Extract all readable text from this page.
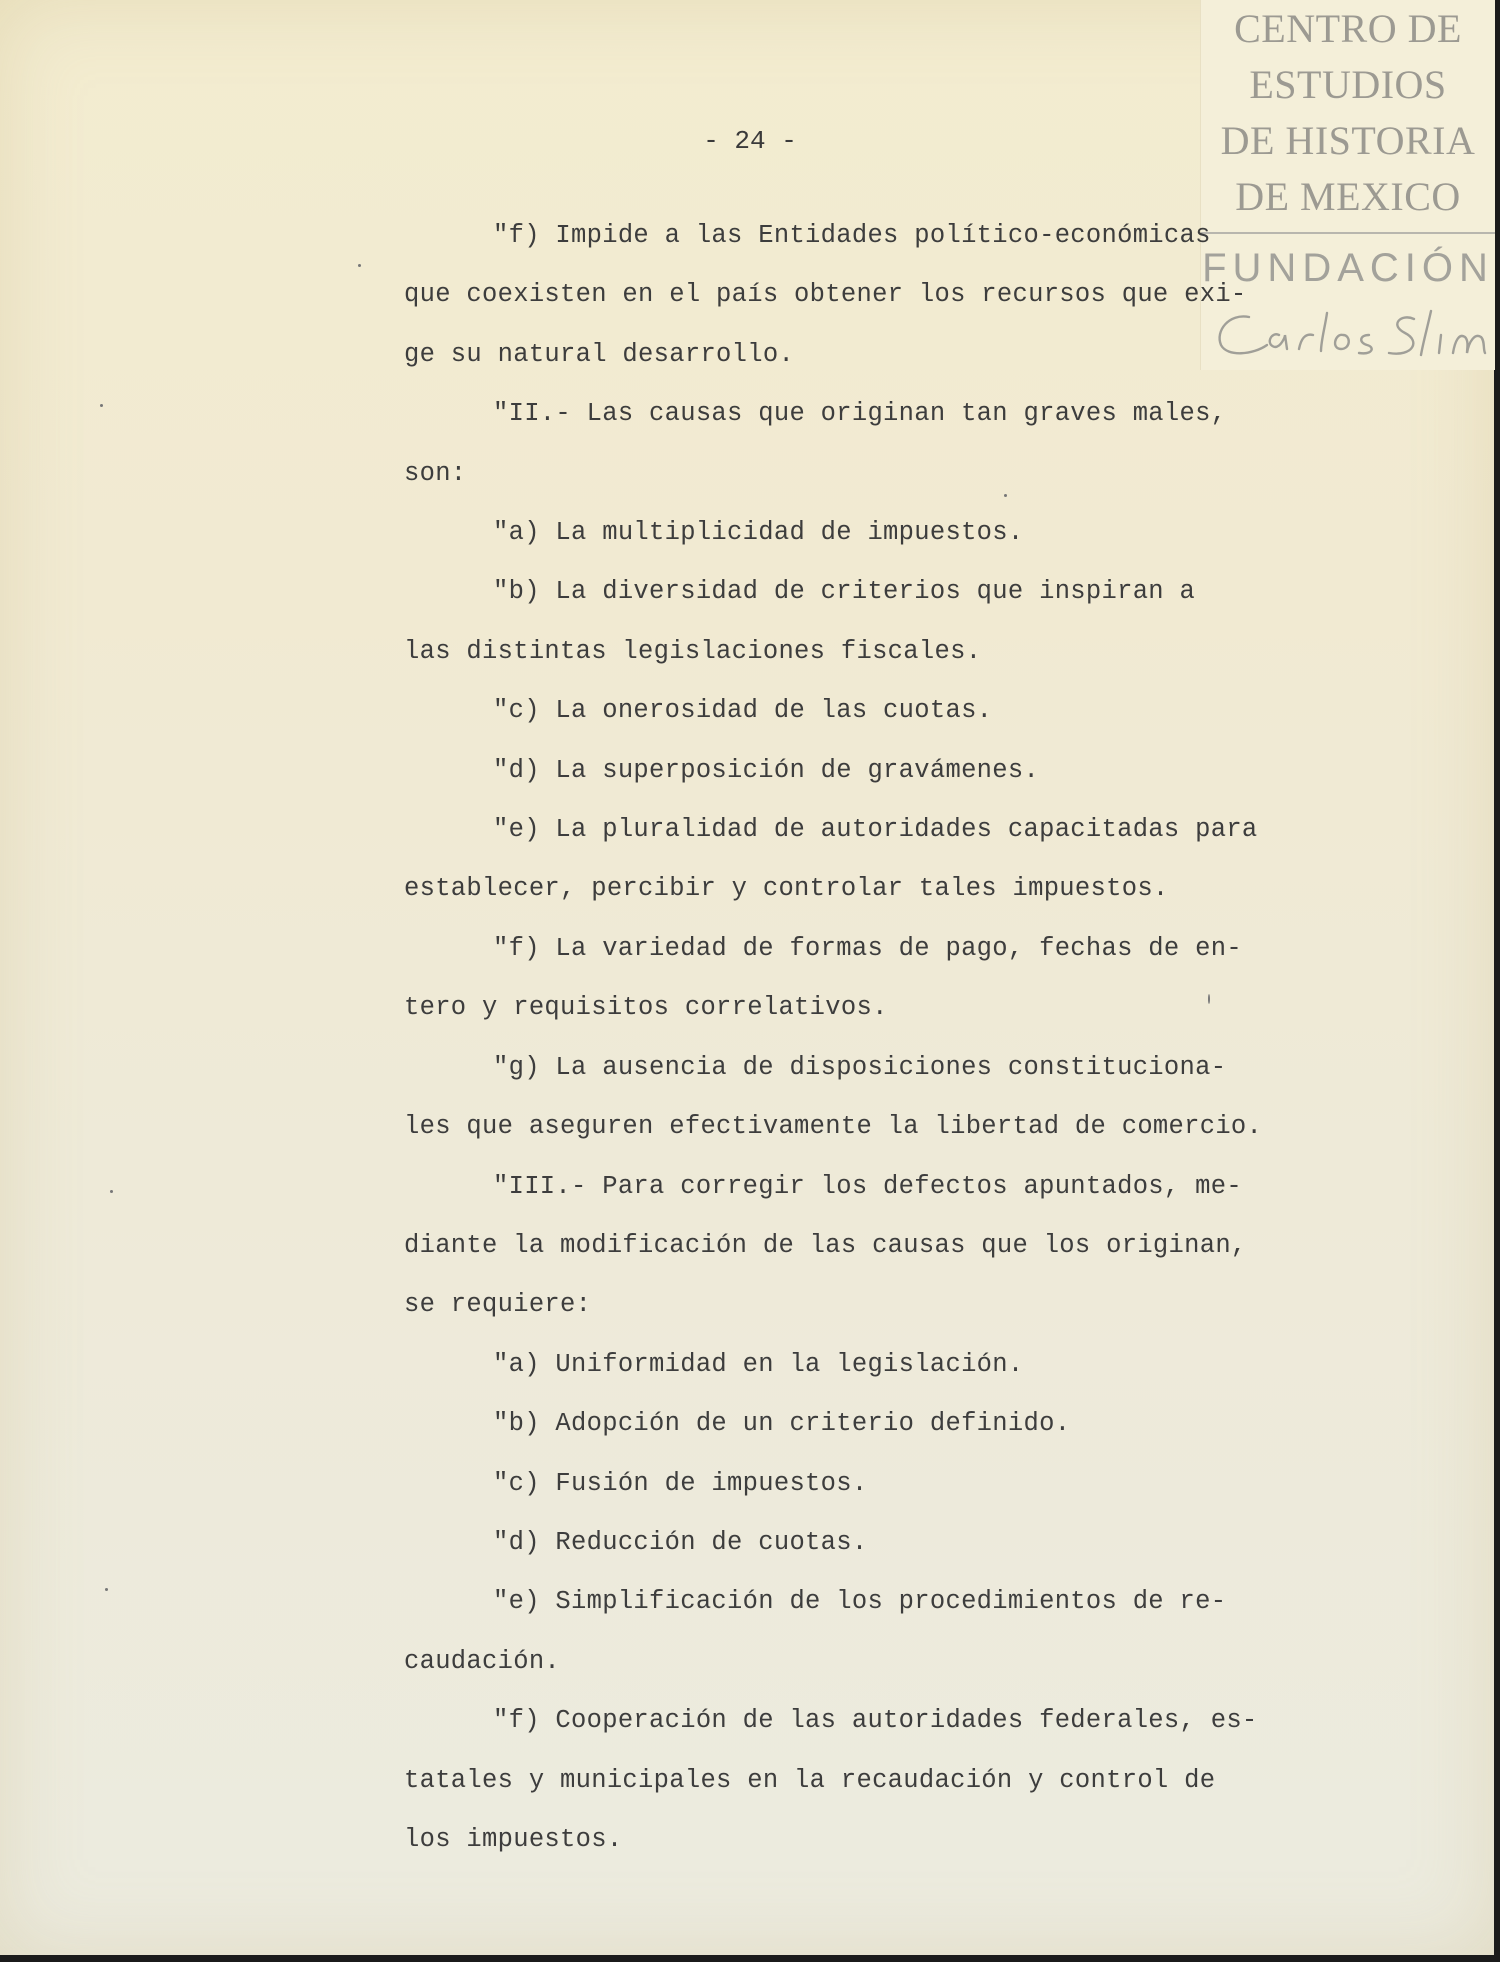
CENTRO DE
ESTUDIOS
DE HISTORIA
DE MEXICO
FUNDACIÓN
- 24 -

"f) Impide a las Entidades político-económicas

que coexisten en el país obtener los recursos que exi-

ge su natural desarrollo.

"II.- Las causas que originan tan graves males,

son:

"a) La multiplicidad de impuestos.

"b) La diversidad de criterios que inspiran a

las distintas legislaciones fiscales.

"c) La onerosidad de las cuotas.

"d) La superposición de gravámenes.

"e) La pluralidad de autoridades capacitadas para

establecer, percibir y controlar tales impuestos.

"f) La variedad de formas de pago, fechas de en-

tero y requisitos correlativos.

"g) La ausencia de disposiciones constituciona-

les que aseguren efectivamente la libertad de comercio.

"III.- Para corregir los defectos apuntados, me-

diante la modificación de las causas que los originan,

se requiere:

"a) Uniformidad en la legislación.

"b) Adopción de un criterio definido.

"c) Fusión de impuestos.

"d) Reducción de cuotas.

"e) Simplificación de los procedimientos de re-

caudación.

"f) Cooperación de las autoridades federales, es-

tatales y municipales en la recaudación y control de

los impuestos.
